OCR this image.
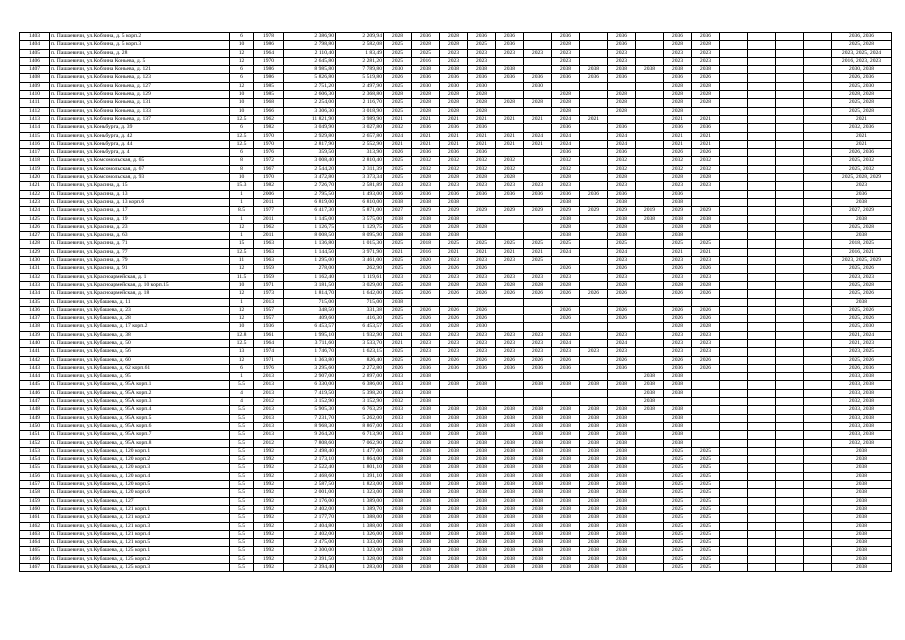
1403	п. Пашаевичи, ул.Кобзина, д. 5 корп.2	6	1978	2 386,90	2 209,94	2028	2036	2028	2036	2036		2036		2036		2036	2036					2036, 2036
1404	п. Пашаевичи, ул.Кобзина, д. 5 корп.3	10	1986	2 798,80	2 582,08	2025	2028	2028	2025	2036		2028		2036		2028	2028					2025, 2028
1405	п. Пашаевичи, ул.Кобзина, д. 28	12	1964	2 110,40	1 83,49	2025	2025	2023	2023	2023	2023	2023		2023		2023	2023					2023, 2025, 2024
1406	п. Пашаевичи, ул.Кобзина Коньева, д. 5	12	1970	2 645,80	2 281,20	2025	2016	2023	2023			2023		2023		2023	2023					2016, 2023, 2023
1407	п. Пашаевичи, ул.Кобзина Коньева, д. 121	6	1986	8 985,80	7 789,80	2030	2038	2038	2038	2038		2038	2038	2038	2038	2038	2038					2030, 2038
1408	п. Пашаевичи, ул.Кобзина Коньева, д. 123	6	1986	5 826,80	5 519,80	2026	2036	2036	2036	2036	2036	2036	2036	2036		2036	2026					2026, 2036
1409	п. Пашаевичи, ул.Кобзина Коньева, д. 127	12	1985	2 751,20	2 497,90	2025	2030	2030	2030		2030					2028	2028					2025, 2030
1410	п. Пашаевичи, ул.Кобзина Коньева, д. 129	10	1985	2 606,30	2 368,80	2028	2028	2028	2028			2028		2028		2028	2028					2028, 2028
1411	п. Пашаевичи, ул.Кобзина Коньева, д. 131	10	1968	2 254,00	2 116,70	2025	2028	2028	2028	2028	2028	2028		2028		2028	2028					2025, 2028
1412	п. Пашаевичи, ул.Кобзина Коньева, д. 133	10	1966	3 306,30	3 018,90	2025	2028	2028	2028			2028		2028		2028						2025, 2028
1413	п. Пашаевичи, ул.Кобзина Коньева, д. 137	12.5	1962	11 821,90	3 989,90	2021	2021	2021	2021	2021	2021	2024	2021			2021	2021					2021
1414	п. Пашаевичи, ул.Коньбурга, д. 39	6	1982	3 049,90	3 027,80	2032	2036	2036	2036			2036		2036		2036	2036					2032, 2036
1415	п. Пашаевичи, ул.Коньбурга, д. 42	12.5	1970	2 929,80	2 657,80	2024	2021	2021	2021	2021	2024	2024		2024		2021	2021					2021
1416	п. Пашаевичи, ул.Коньбурга, д. 44	12.5	1970	2 817,90	2 552,90	2021	2021	2021	2021	2021	2021	2024		2024		2021	2021					2021
1417	п. Пашаевичи, ул.Коньбурга, д. 4	6	1976	359,50	313,90	2026	2036	2036	2036			2036		2036		2026	2026					2026, 2036
1418	п. Пашаевичи, ул.Комсомольская, д. 65	8	1972	3 008,40	2 810,40	2025	2032	2032	2032	2032		2032		2032		2032	2032					2025, 2032
1419	п. Пашаевичи, ул.Комсомольская, д. 67	8	1967	2 544,20	2 311,39	2025	2032	2032	2032	2032		2032		2032		2032	2032					2025, 2032
1420	п. Пашаевичи, ул.Комсомольская, д. 93	10	1970	3 472,80	3 373,34	2025	2028	2028	2028	2028		2028		2028		2028	2028					2025, 2028, 2029
1421	п. Пашаевичи, ул.Красина, д. 15	15.3	1982	2 726,70	2 581,89	2023	2023	2023	2023	2023	2023	2023		2023		2023	2023					2023
1422	п. Пашаевичи, ул.Красина, д. 13	1	2006	2 795,50	1 493,00	2036	2036	2036	2036	2036	2036	2036	2036	2036		2036						2036
1423	п. Пашаевичи, ул.Красина, д. 13 корп.6	1	2011	6 819,00	6 810,00	2038	2038	2038				2038		2038		2038						2038
1424	п. Пашаевичи, ул.Красина, д. 17	8.5	1977	6 417,30	5 871,00	2027	2029	2029	2029	2029	2029	2029	2029	2029	2019	2029	2029					2027, 2029
1425	п. Пашаевичи, ул.Красина, д. 19	1	2011	1 145,00	3 575,00	2038	2038	2038				2038		2038	2038	2038	2038					2038
1426	п. Пашаевичи, ул.Красина, д. 23	12	1962	1 126,75	1 129,75	2025	2028	2028	2028			2028		2028		2028	2028					2025, 2028
1427	п. Пашаевичи, ул.Красина, д. 63	1	2011	8 008,50	8 095,90	2038	2038	2038				2038		2038		2038						2038
1428	п. Пашаевичи, ул.Красина, д. 71	15	1963	1 136,80	1 015,30	2025	2018	2025	2025	2025	2025	2025		2025		2025	2025					2018, 2025
1429	п. Пашаевичи, ул.Красина, д. 77	12.5	1963	1 144,50	3 971,90	2021	2016	2021	2021	2021	2021	2024		2024		2021	2021					2016, 2021
1430	п. Пашаевичи, ул.Красина, д. 79	11	1963	1 295,00	3 461,00	2025	2020	2023	2023	2023	2025			2023		2023	2023					2023, 2025, 2029
1431	п. Пашаевичи, ул.Красина, д. 91	12	1959	278,00	262,90	2025	2026	2026	2026			2026		2026		2026	2026					2025, 2026
1432	п. Пашаевичи, ул.Красноармейская, д. 1	11.5	1959	1 162,40	1 119,61	2023	2023	2023	2023	2023	2023	2023		2023		2023	2023					2023, 2023
1433	п. Пашаевичи, ул.Красноармейская, д. 10 корп.15	10	1971	3 181,50	3 029,00	2025	2028	2028	2028	2028	2028	2028		2028		2028	2028					2025, 2028
1434	п. Пашаевичи, ул.Красноармейская, д. 18	12	1973	1 814,70	1 642,00	2025	2026	2026	2026	2026	2026	2026	2026	2026		2026	2026					2025, 2026
1435	п. Пашаевичи, ул.Кубашева, д. 11	1	2013	715,00	715,00	2038																2038
1436	п. Пашаевичи, ул.Кубашева, д. 23	12	1957	348,50	331,38	2025	2026	2026	2026			2026		2026		2026	2026					2025, 2026
1437	п. Пашаевичи, ул.Кубашева, д. 28	12	1957	409,60	416,30	2025	2026	2026	2026			2026		2026		2026	2026					2025, 2026
1438	п. Пашаевичи, ул.Кубашева, д. 17 корп.2	10	1936	6 453,57	6 453,57	2025	2030	2028	2030							2028	2028					2025, 2030
1439	п. Пашаевичи, ул.Кубашева, д. 38	12.8	1961	1 995,10	1 932,90	2021	2023	2023	2023	2023	2023	2023		2023		2023	2023					2021, 2024
1440	п. Пашаевичи, ул.Кубашева, д. 50	12.5	1964	3 711,60	3 533,70	2021	2023	2023	2023	2023	2023	2024		2024		2023	2023					2021, 2023
1441	п. Пашаевичи, ул.Кубашева, д. 56	13	1974	1 746,70	1 623,15	2025	2023	2023	2023	2023	2023	2023	2023	2023		2023	2023					2023, 2025
1442	п. Пашаевичи, ул.Кубашева, д. 60	12	1971	1 363,80	826,40	2025	2026	2026	2026	2026	2026	2026		2026		2026	2026					2025, 2026
1443	п. Пашаевичи, ул.Кубашева, д. 62 корп.61	6	1976	3 295,60	2 272,80	2026	2036	2036	2036	2036	2036	2036		2036		2036	2026					2026, 2036
1444	п. Пашаевичи, ул.Кубашева, д. 95	1	2013	2 907,00	2 897,00	2033	2038								2038	2038						2033, 2038
1445	п. Пашаевичи, ул.Кубашева, д. 95А корп.1	5.5	2013	6 330,00	6 386,00	2033	2038	2038	2038		2038	2038	2038	2038	2038	2038						2033, 2038
1446	п. Пашаевичи, ул.Кубашева, д. 95А корп.2	4	2013	7 419,50	5 398,20	2033	2038								2038	2038						2033, 2038
1447	п. Пашаевичи, ул.Кубашева, д. 95А корп.3	4	2012	3 152,90	3 152,90	2032	2038								2038							2032, 2038
1448	п. Пашаевичи, ул.Кубашева, д. 95А корп.4	5.5	2013	5 905,30	6 763,29	2033	2038	2038	2038	2038	2038	2038	2038	2038	2038	2038						2033, 2038
1449	п. Пашаевичи, ул.Кубашева, д. 95А корп.5	5.5	2013	7 231,70	5 262,00	2033	2038	2038	2038	2038	2038	2038	2038	2038		2038						2033, 2038
1450	п. Пашаевичи, ул.Кубашева, д. 95А корп.6	5.5	2013	8 968,30	8 867,00	2033	2038	2038	2038	2038	2038	2038	2038	2038		2038						2033, 2038
1451	п. Пашаевичи, ул.Кубашева, д. 95А корп.7	5.5	2013	9 264,20	6 713,90	2033	2038	2038	2038		2038	2038	2038	2038		2038						2033, 2038
1452	п. Пашаевичи, ул.Кубашева, д. 95А корп.8	5.5	2012	7 808,60	7 062,90	2032	2038	2038	2038	2038	2038	2038	2038	2038		2038						2032, 2038
1453	п. Пашаевичи, ул.Кубашева, д. 120 корп.1	5.5	1992	2 498,40	1 477,00	2038	2038	2038	2038	2038	2038	2038	2038	2038		2025	2025					2038
1454	п. Пашаевичи, ул.Кубашева, д. 120 корп.2	5.5	1992	2 173,10	1 864,00	2038	2038	2038	2038	2038	2038	2038	2038	2038		2025	2025					2038
1455	п. Пашаевичи, ул.Кубашева, д. 120 корп.3	5.5	1992	2 522,40	1 801,10	2038	2038	2038	2038	2038	2038	2038	2038	2038		2025	2025					2038
1456	п. Пашаевичи, ул.Кубашева, д. 120 корп.4	5.5	1992	2 468,60	1 391,10	2038	2038	2038	2038	2038	2038	2038	2038	2038		2025	2025					2038
1457	п. Пашаевичи, ул.Кубашева, д. 120 корп.5	5.5	1992	2 587,50	1 823,00	2038	2038	2038	2038	2038	2038	2038	2038	2038		2025	2025					2038
1458	п. Пашаевичи, ул.Кубашева, д. 120 корп.6	5.5	1992	2 001,00	1 323,00	2038	2038	2038	2038	2038	2038	2038	2038	2038		2025	2025					2038
1459	п. Пашаевичи, ул.Кубашева, д. 127	5.5	1992	2 176,00	1 389,00	2038	2038	2038	2038	2038	2038	2038	2038	2038		2025	2025					2038
1460	п. Пашаевичи, ул.Кубашева, д. 121 корп.1	5.5	1992	2 402,00	1 389,70	2038	2038	2038	2038	2038	2038	2038	2038	2038		2025	2025					2038
1461	п. Пашаевичи, ул.Кубашева, д. 121 корп.2	5.5	1992	2 177,70	1 388,00	2038	2038	2038	2038	2038	2038	2038	2038	2038		2025	2025					2038
1462	п. Пашаевичи, ул.Кубашева, д. 121 корп.3	5.5	1992	2 404,80	1 388,00	2038	2038	2038	2038	2038	2038	2038	2038	2038		2025	2025					2038
1463	п. Пашаевичи, ул.Кубашева, д. 121 корп.4	5.5	1992	2 402,00	1 326,00	2038	2038	2038	2038	2038	2038	2038	2038	2038		2025	2025					2038
1464	п. Пашаевичи, ул.Кубашева, д. 121 корп.5	5.5	1992	2 475,00	1 333,00	2038	2038	2038	2038	2038	2038	2038	2038	2038		2025	2025					2038
1465	п. Пашаевичи, ул.Кубашева, д. 125 корп.1	5.5	1992	2 300,00	1 323,00	2038	2038	2038	2038	2038	2038	2038	2038	2038		2025	2025					2038
1466	п. Пашаевичи, ул.Кубашева, д. 125 корп.2	5.5	1992	2 391,50	1 328,00	2038	2038	2038	2038	2038	2038	2038	2038	2038		2025	2025					2038
1467	п. Пашаевичи, ул.Кубашева, д. 125 корп.3	5.5	1992	2 394,40	1 283,00	2038	2038	2038	2038	2038	2038	2038	2038	2038		2025	2025					2038
